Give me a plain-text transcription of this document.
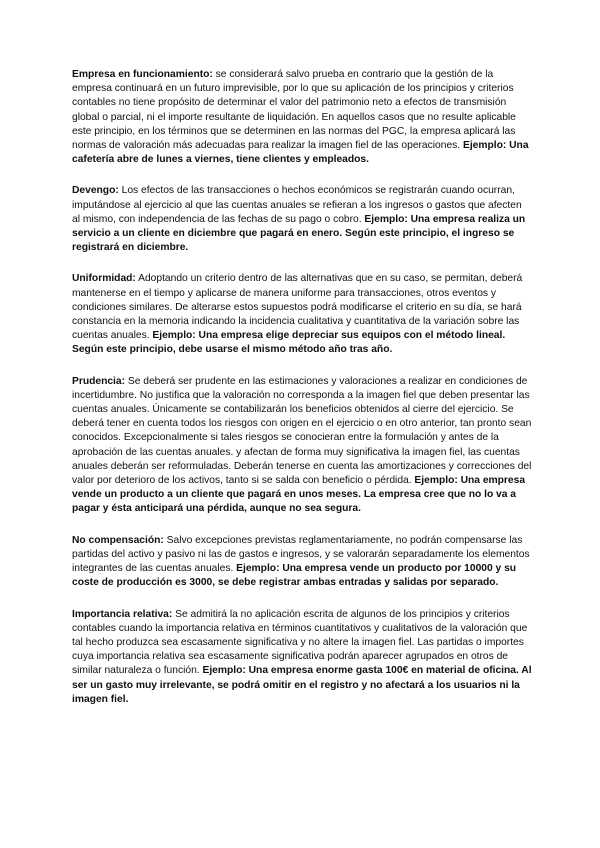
Empresa en funcionamiento: se considerará salvo prueba en contrario que la gestión de la empresa continuará en un futuro imprevisible, por lo que su aplicación de los principios y criterios contables no tiene propósito de determinar el valor del patrimonio neto a efectos de transmisión global o parcial, ni el importe resultante de liquidación. En aquellos casos que no resulte aplicable este principio, en los términos que se determinen en las normas del PGC, la empresa aplicará las normas de valoración más adecuadas para realizar la imagen fiel de las operaciones. Ejemplo: Una cafetería abre de lunes a viernes, tiene clientes y empleados.

Devengo: Los efectos de las transacciones o hechos económicos se registrarán cuando ocurran, imputándose al ejercicio al que las cuentas anuales se refieran a los ingresos o gastos que afecten al mismo, con independencia de las fechas de su pago o cobro. Ejemplo: Una empresa realiza un servicio a un cliente en diciembre que pagará en enero. Según este principio, el ingreso se registrará en diciembre.

Uniformidad: Adoptando un criterio dentro de las alternativas que en su caso, se permitan, deberá mantenerse en el tiempo y aplicarse de manera uniforme para transacciones, otros eventos y condiciones similares. De alterarse estos supuestos podrá modificarse el criterio en su día, se hará constancia en la memoria indicando la incidencia cualitativa y cuantitativa de la variación sobre las cuentas anuales. Ejemplo: Una empresa elige depreciar sus equipos con el método lineal. Según este principio, debe usarse el mismo método año tras año.

Prudencia: Se deberá ser prudente en las estimaciones y valoraciones a realizar en condiciones de incertidumbre. No justifica que la valoración no corresponda a la imagen fiel que deben presentar las cuentas anuales. Únicamente se contabilizarán los beneficios obtenidos al cierre del ejercicio. Se deberá tener en cuenta todos los riesgos con origen en el ejercicio o en otro anterior, tan pronto sean conocidos. Excepcionalmente si tales riesgos se conocieran entre la formulación y antes de la aprobación de las cuentas anuales. y afectan de forma muy significativa la imagen fiel, las cuentas anuales deberán ser reformuladas. Deberán tenerse en cuenta las amortizaciones y correcciones del valor por deterioro de los activos, tanto si se salda con beneficio o pérdida. Ejemplo: Una empresa vende un producto a un cliente que pagará en unos meses. La empresa cree que no lo va a pagar y ésta anticipará una pérdida, aunque no sea segura.

No compensación: Salvo excepciones previstas reglamentariamente, no podrán compensarse las partidas del activo y pasivo ni las de gastos e ingresos, y se valorarán separadamente los elementos integrantes de las cuentas anuales. Ejemplo: Una empresa vende un producto por 10000 y su coste de producción es 3000, se debe registrar ambas entradas y salidas por separado.

Importancia relativa: Se admitirá la no aplicación escrita de algunos de los principios y criterios contables cuando la importancia relativa en términos cuantitativos y cualitativos de la valoración que tal hecho produzca sea escasamente significativa y no altere la imagen fiel. Las partidas o importes cuya importancia relativa sea escasamente significativa podrán aparecer agrupados en otros de similar naturaleza o función. Ejemplo: Una empresa enorme gasta 100€ en material de oficina. Al ser un gasto muy irrelevante, se podrá omitir en el registro y no afectará a los usuarios ni la imagen fiel.
